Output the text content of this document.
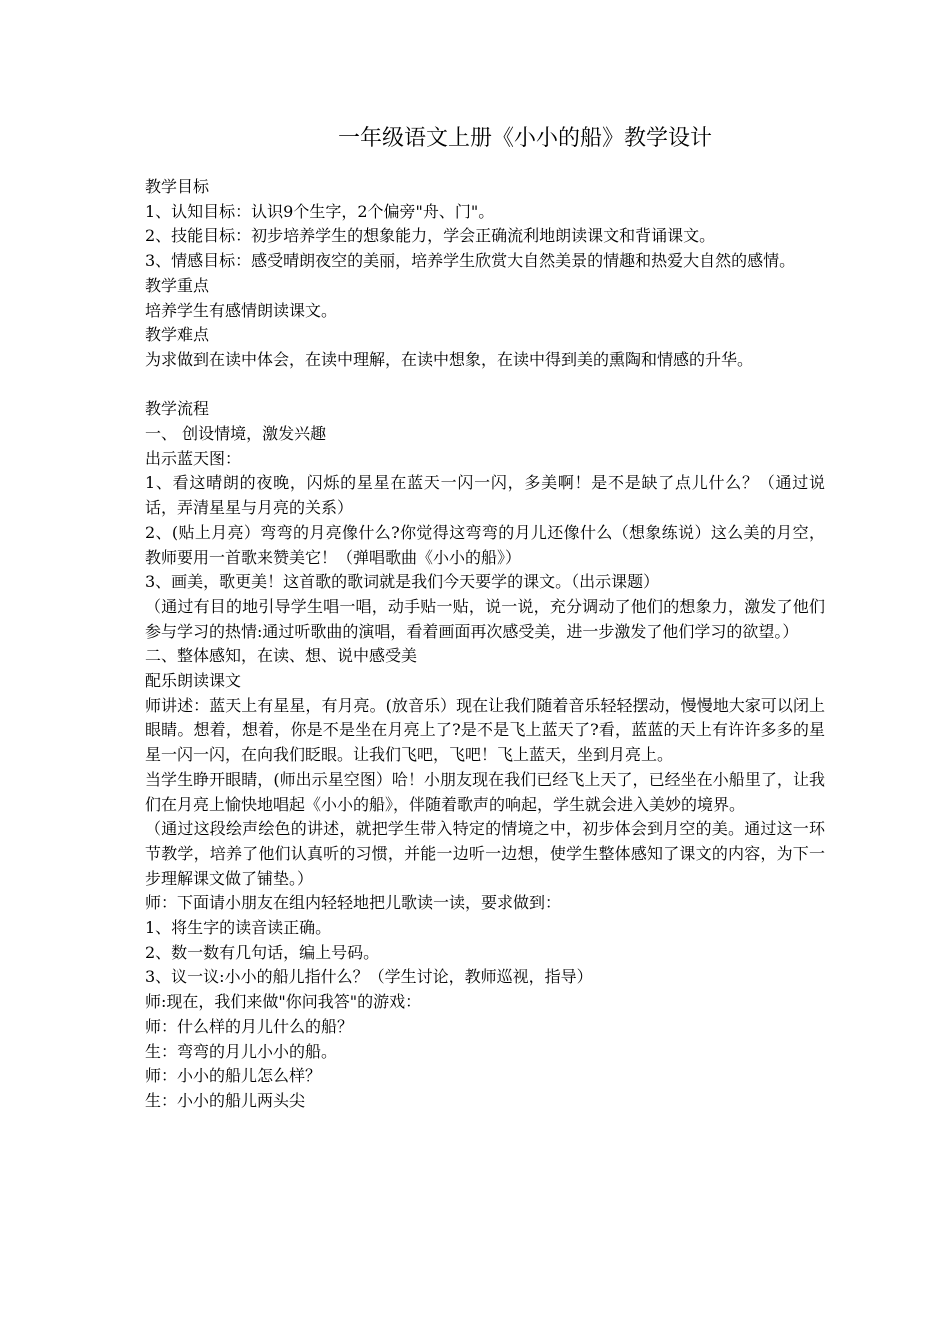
一年级语文上册《小小的船》教学设计

教学目标

1、认知目标：认识9个生字，2个偏旁"舟、门"。

2、技能目标：初步培养学生的想象能力，学会正确流利地朗读课文和背诵课文。

3、情感目标：感受晴朗夜空的美丽，培养学生欣赏大自然美景的情趣和热爱大自然的感情。

教学重点

培养学生有感情朗读课文。

教学难点

为求做到在读中体会，在读中理解，在读中想象，在读中得到美的熏陶和情感的升华。

教学流程

一、 创设情境，激发兴趣

出示蓝天图：

1、看这晴朗的夜晚，闪烁的星星在蓝天一闪一闪，多美啊！是不是缺了点儿什么？（通过说话，弄清星星与月亮的关系）

2、(贴上月亮）弯弯的月亮像什么?你觉得这弯弯的月儿还像什么（想象练说）这么美的月空，教师要用一首歌来赞美它！（弹唱歌曲《小小的船》）

3、画美，歌更美！这首歌的歌词就是我们今天要学的课文。（出示课题）

（通过有目的地引导学生唱一唱，动手贴一贴，说一说，充分调动了他们的想象力，激发了他们参与学习的热情:通过听歌曲的演唱，看着画面再次感受美，进一步激发了他们学习的欲望。）

二、整体感知，在读、想、说中感受美

配乐朗读课文

师讲述：蓝天上有星星，有月亮。(放音乐）现在让我们随着音乐轻轻摆动，慢慢地大家可以闭上眼睛。想着，想着，你是不是坐在月亮上了?是不是飞上蓝天了?看，蓝蓝的天上有许许多多的星星一闪一闪，在向我们眨眼。让我们飞吧，飞吧！飞上蓝天，坐到月亮上。

当学生睁开眼睛，(师出示星空图）哈！小朋友现在我们已经飞上天了，已经坐在小船里了，让我们在月亮上愉快地唱起《小小的船》，伴随着歌声的响起，学生就会进入美妙的境界。

（通过这段绘声绘色的讲述，就把学生带入特定的情境之中，初步体会到月空的美。通过这一环节教学，培养了他们认真听的习惯，并能一边听一边想，使学生整体感知了课文的内容，为下一步理解课文做了铺垫。）

师：下面请小朋友在组内轻轻地把儿歌读一读，要求做到：

1、将生字的读音读正确。

2、数一数有几句话，编上号码。

3、议一议:小小的船儿指什么？（学生讨论，教师巡视，指导）

师:现在，我们来做"你问我答"的游戏：

师：什么样的月儿什么的船？

生：弯弯的月儿小小的船。

师：小小的船儿怎么样？

生：小小的船儿两头尖
